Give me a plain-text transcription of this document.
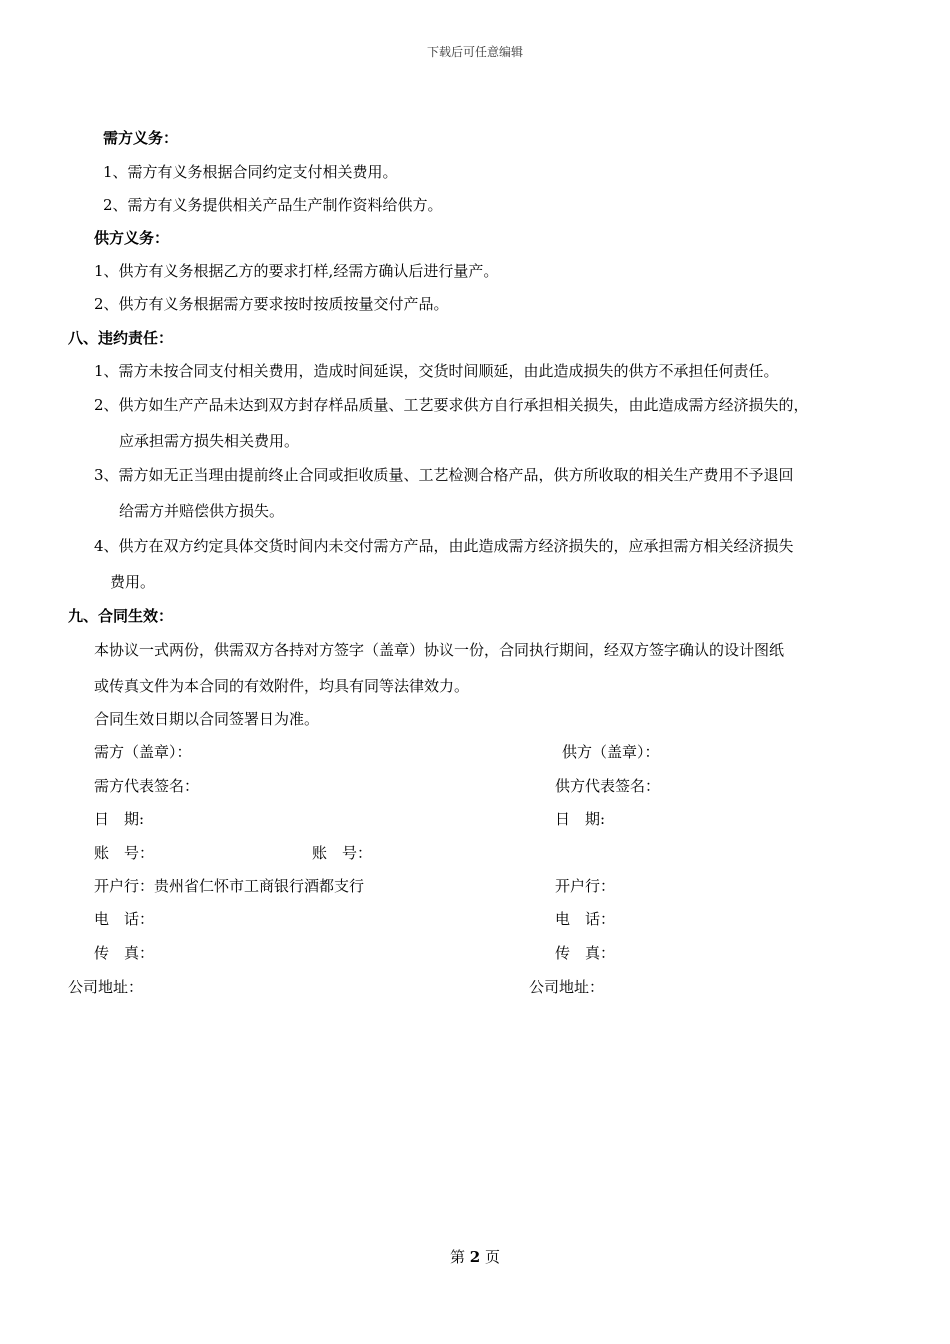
下载后可任意编辑
需方义务：
1、需方有义务根据合同约定支付相关费用。
2、需方有义务提供相关产品生产制作资料给供方。
供方义务：
1、供方有义务根据乙方的要求打样,经需方确认后进行量产。
2、供方有义务根据需方要求按时按质按量交付产品。
八、违约责任：
1、需方未按合同支付相关费用，造成时间延误，交货时间顺延，由此造成损失的供方不承担任何责任。
2、供方如生产产品未达到双方封存样品质量、工艺要求供方自行承担相关损失，由此造成需方经济损失的，
应承担需方损失相关费用。
3、需方如无正当理由提前终止合同或拒收质量、工艺检测合格产品，供方所收取的相关生产费用不予退回
给需方并赔偿供方损失。
4、供方在双方约定具体交货时间内未交付需方产品，由此造成需方经济损失的，应承担需方相关经济损失
费用。
九、合同生效：
本协议一式两份，供需双方各持对方签字（盖章）协议一份，合同执行期间，经双方签字确认的设计图纸
或传真文件为本合同的有效附件，均具有同等法律效力。
合同生效日期以合同签署日为准。
需方（盖章）：	供方（盖章）：
需方代表签名：	供方代表签名：
日　期:	日　期:
账　号：	账　号：
开户行：贵州省仁怀市工商银行酒都支行	开户行：
电　话：	电　话：
传　真：	传　真：
公司地址：	公司地址：
第 2 页
